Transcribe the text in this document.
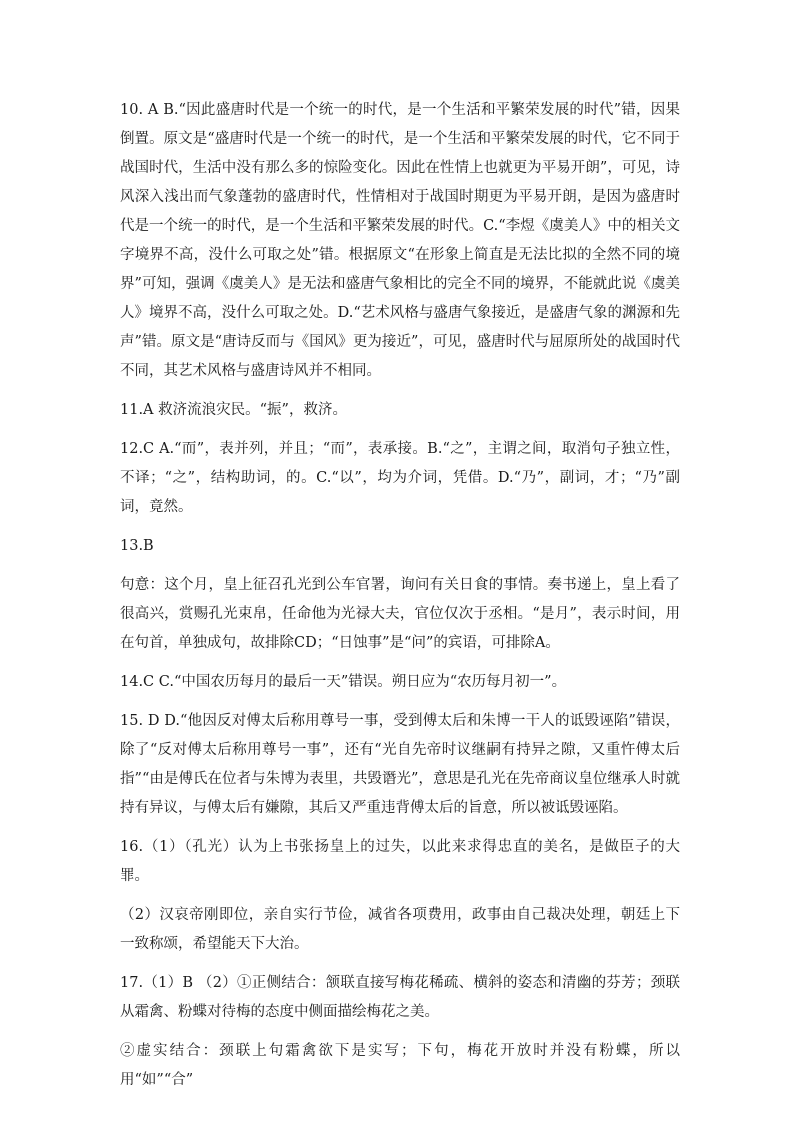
10. A B.“因此盛唐时代是一个统一的时代，是一个生活和平繁荣发展的时代”错，因果倒置。原文是“盛唐时代是一个统一的时代，是一个生活和平繁荣发展的时代，它不同于战国时代，生活中没有那么多的惊险变化。因此在性情上也就更为平易开朗”，可见，诗风深入浅出而气象蓬勃的盛唐时代，性情相对于战国时期更为平易开朗，是因为盛唐时代是一个统一的时代，是一个生活和平繁荣发展的时代。C.“李煜《虞美人》中的相关文字境界不高，没什么可取之处”错。根据原文“在形象上简直是无法比拟的全然不同的境界”可知，强调《虞美人》是无法和盛唐气象相比的完全不同的境界，不能就此说《虞美人》境界不高，没什么可取之处。D.“艺术风格与盛唐气象接近，是盛唐气象的渊源和先声”错。原文是“唐诗反而与《国风》更为接近”，可见，盛唐时代与屈原所处的战国时代不同，其艺术风格与盛唐诗风并不相同。

11.A 救济流浪灾民。“振”，救济。

12.C A.“而”，表并列，并且；“而”，表承接。B.“之”，主谓之间，取消句子独立性，不译；“之”，结构助词，的。C.“以”，均为介词，凭借。D.“乃”，副词，才；“乃”副词，竟然。

13.B

句意：这个月，皇上征召孔光到公车官署，询问有关日食的事情。奏书递上，皇上看了很高兴，赏赐孔光束帛，任命他为光禄大夫，官位仅次于丞相。“是月”，表示时间，用在句首，单独成句，故排除CD；“日蚀事”是“问”的宾语，可排除A。

14.C C.“中国农历每月的最后一天”错误。朔日应为“农历每月初一”。

15. D D.“他因反对傅太后称用尊号一事，受到傅太后和朱博一干人的诋毁诬陷”错误，除了“反对傅太后称用尊号一事”，还有“光自先帝时议继嗣有持异之隙，又重忤傅太后指”“由是傅氏在位者与朱博为表里，共毁谮光”，意思是孔光在先帝商议皇位继承人时就持有异议，与傅太后有嫌隙，其后又严重违背傅太后的旨意，所以被诋毁诬陷。

16.（1）（孔光）认为上书张扬皇上的过失，以此来求得忠直的美名，是做臣子的大罪。

（2）汉哀帝刚即位，亲自实行节俭，减省各项费用，政事由自己裁决处理，朝廷上下一致称颂，希望能天下大治。

17.（1）B （2）①正侧结合：颔联直接写梅花稀疏、横斜的姿态和清幽的芬芳；颈联从霜禽、粉蝶对待梅的态度中侧面描绘梅花之美。

②虚实结合：颈联上句霜禽欲下是实写；下句，梅花开放时并没有粉蝶，所以用“如”“合”
